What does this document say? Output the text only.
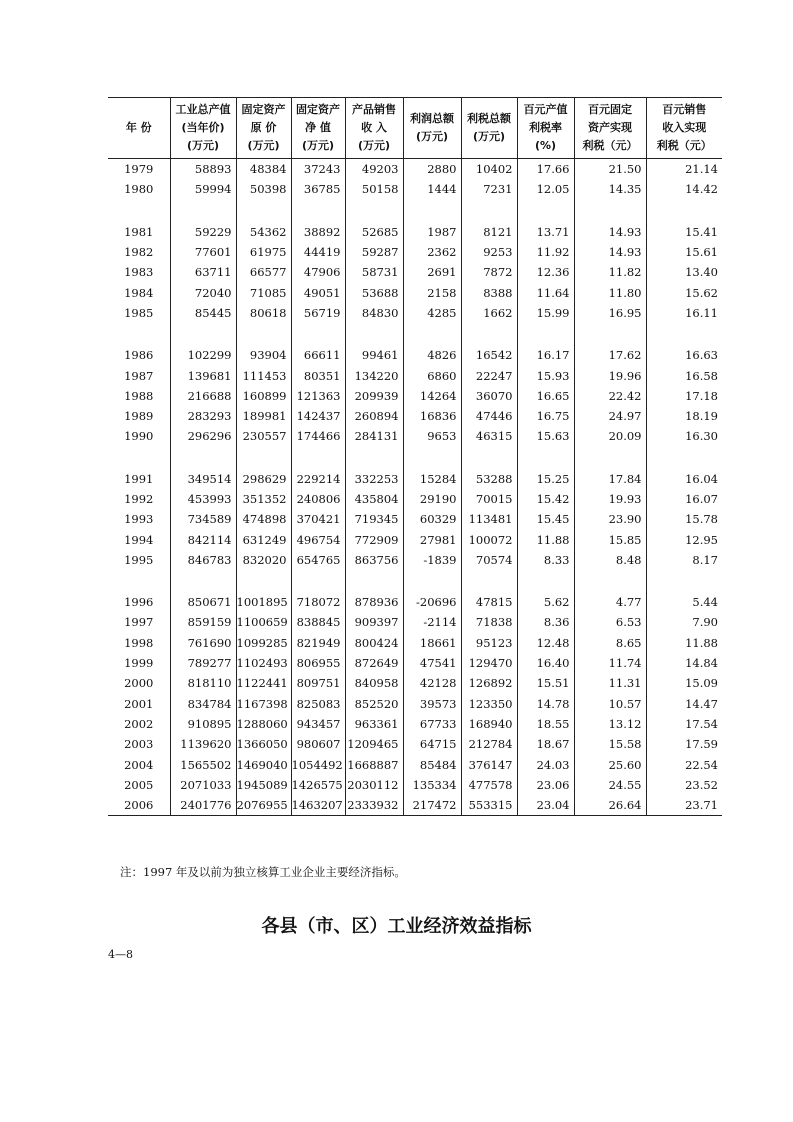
年 份	工业总产值
(当年价)
(万元)	固定资产
原 价
(万元)	固定资产
净 值
(万元)	产品销售
收 入
(万元)	利润总额
(万元)	利税总额
(万元)	百元产值
利税率
(%)	百元固定
资产实现
利税（元）	百元销售
收入实现
利税（元）

1979	58893	48384	37243	49203	2880	10402	17.66	21.50	21.14
1980	59994	50398	36785	50158	1444	7231	12.05	14.35	14.42

1981	59229	54362	38892	52685	1987	8121	13.71	14.93	15.41
1982	77601	61975	44419	59287	2362	9253	11.92	14.93	15.61
1983	63711	66577	47906	58731	2691	7872	12.36	11.82	13.40
1984	72040	71085	49051	53688	2158	8388	11.64	11.80	15.62
1985	85445	80618	56719	84830	4285	1662	15.99	16.95	16.11

1986	102299	93904	66611	99461	4826	16542	16.17	17.62	16.63
1987	139681	111453	80351	134220	6860	22247	15.93	19.96	16.58
1988	216688	160899	121363	209939	14264	36070	16.65	22.42	17.18
1989	283293	189981	142437	260894	16836	47446	16.75	24.97	18.19
1990	296296	230557	174466	284131	9653	46315	15.63	20.09	16.30

1991	349514	298629	229214	332253	15284	53288	15.25	17.84	16.04
1992	453993	351352	240806	435804	29190	70015	15.42	19.93	16.07
1993	734589	474898	370421	719345	60329	113481	15.45	23.90	15.78
1994	842114	631249	496754	772909	27981	100072	11.88	15.85	12.95
1995	846783	832020	654765	863756	-1839	70574	8.33	8.48	8.17

1996	850671	1001895	718072	878936	-20696	47815	5.62	4.77	5.44
1997	859159	1100659	838845	909397	-2114	71838	8.36	6.53	7.90
1998	761690	1099285	821949	800424	18661	95123	12.48	8.65	11.88
1999	789277	1102493	806955	872649	47541	129470	16.40	11.74	14.84
2000	818110	1122441	809751	840958	42128	126892	15.51	11.31	15.09
2001	834784	1167398	825083	852520	39573	123350	14.78	10.57	14.47
2002	910895	1288060	943457	963361	67733	168940	18.55	13.12	17.54
2003	1139620	1366050	980607	1209465	64715	212784	18.67	15.58	17.59
2004	1565502	1469040	1054492	1668887	85484	376147	24.03	25.60	22.54
2005	2071033	1945089	1426575	2030112	135334	477578	23.06	24.55	23.52
2006	2401776	2076955	1463207	2333932	217472	553315	23.04	26.64	23.71
注：1997 年及以前为独立核算工业企业主要经济指标。
各县（市、区）工业经济效益指标
4—8
